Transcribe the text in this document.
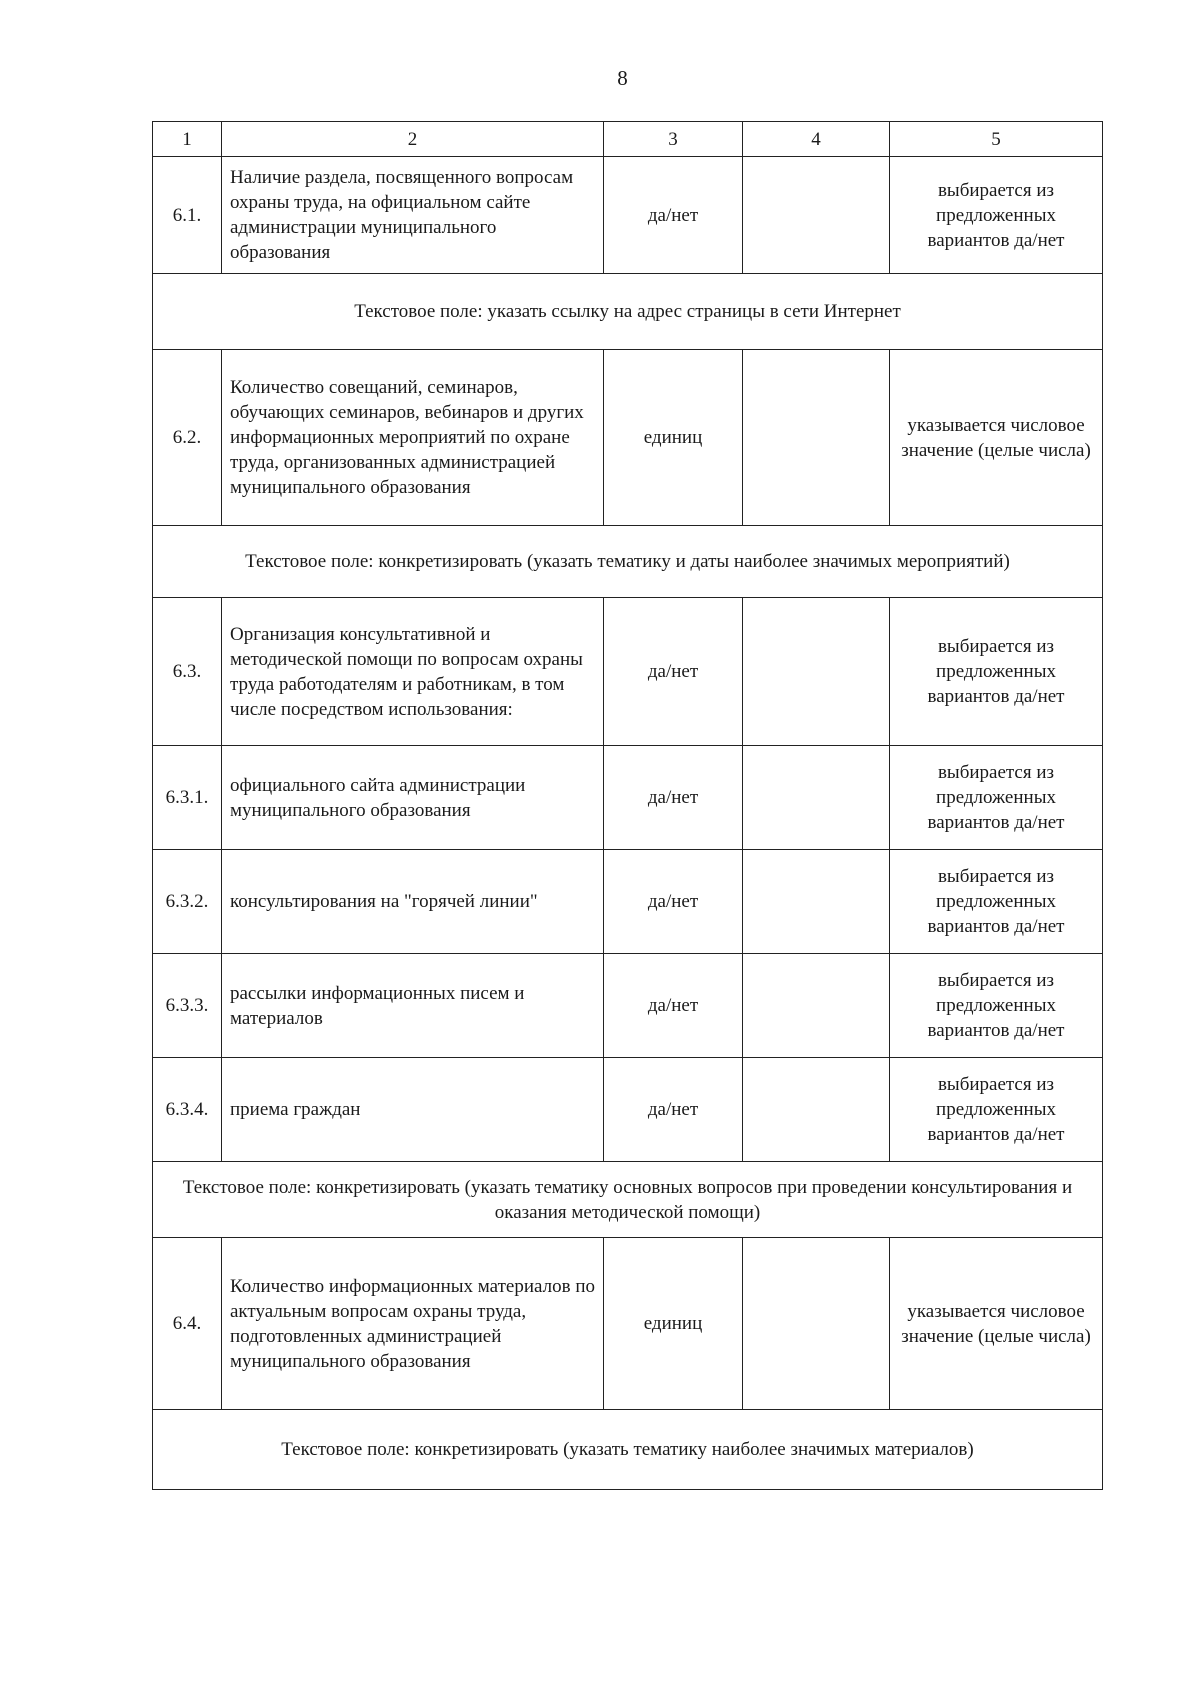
8
1	2	3	4	5
6.1.	Наличие раздела, посвященного вопросам охраны труда, на официальном сайте администрации муниципального образования	да/нет		выбирается из предложенных вариантов да/нет
Текстовое поле: указать ссылку на адрес страницы в сети Интернет				
6.2.	Количество совещаний, семинаров, обучающих семинаров, вебинаров и других информационных мероприятий по охране труда, организованных администрацией муниципального образования	единиц		указывается числовое значение (целые числа)
Текстовое поле: конкретизировать (указать тематику и даты наиболее значимых мероприятий)				
6.3.	Организация консультативной и методической помощи по вопросам охраны труда работодателям и работникам, в том числе посредством использования:	да/нет		выбирается из предложенных вариантов да/нет
6.3.1.	официального сайта администрации муниципального образования	да/нет		выбирается из предложенных вариантов да/нет
6.3.2.	консультирования на "горячей линии"	да/нет		выбирается из предложенных вариантов да/нет
6.3.3.	рассылки информационных писем и материалов	да/нет		выбирается из предложенных вариантов да/нет
6.3.4.	приема граждан	да/нет		выбирается из предложенных вариантов да/нет
Текстовое поле: конкретизировать (указать тематику основных вопросов при проведении консультирования и оказания методической помощи)				
6.4.	Количество информационных материалов по актуальным вопросам охраны труда, подготовленных администрацией муниципального образования	единиц		указывается числовое значение (целые числа)
Текстовое поле: конкретизировать (указать тематику наиболее значимых материалов)				
